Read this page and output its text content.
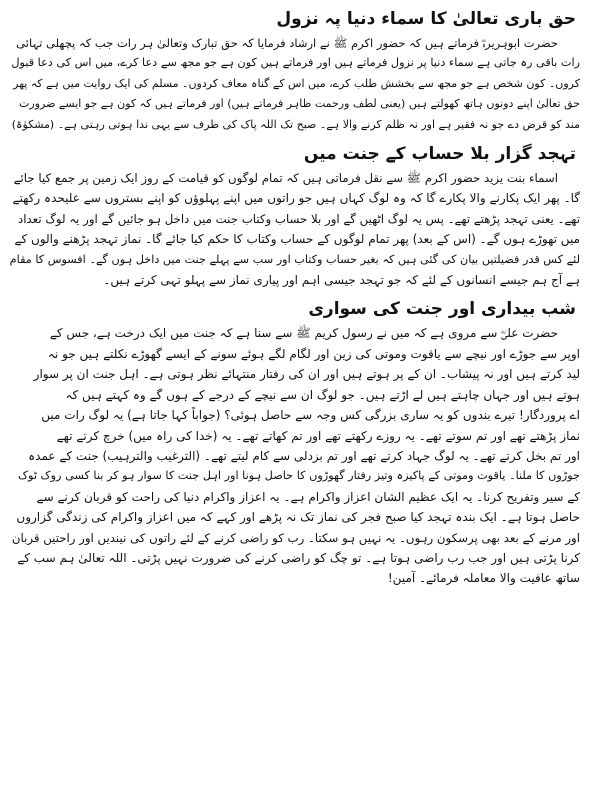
حق باری تعالیٰ کا سماء دنیا پہ نزول

حضرت ابوہریرہؓ فرماتے ہیں کہ حضور اکرم ﷺ نے ارشاد فرمایا کہ حق تبارک وتعالیٰ ہر رات جب کہ پچھلی تہائی

رات باقی رہ جاتی ہے سماء دنیا پر نزول فرماتے ہیں اور فرماتے ہیں کون ہے جو مجھ سے دعا کرے، میں اس کی دعا قبول

کروں۔ کون شخص ہے جو مجھ سے بخشش طلب کرے، میں اس کے گناہ معاف کردوں۔ مسلم کی ایک روایت میں ہے کہ پھر

حق تعالیٰ اپنے دونوں ہاتھ کھولتے ہیں (یعنی لطف ورحمت ظاہر فرماتے ہیں) اور فرماتے ہیں کہ کون ہے جو ایسے ضرورت

مند کو قرض دے جو نہ فقیر ہے اور نہ ظلم کرنے والا ہے۔ صبح تک اللہ پاک کی طرف سے یہی ندا ہوتی رہتی ہے۔ (مشکوٰۃ)

تہجد گزار بلا حساب کے جنت میں

اسماء بنت یزید حضور اکرم ﷺ سے نقل فرماتی ہیں کہ تمام لوگوں کو قیامت کے روز ایک زمین پر جمع کیا جائے

گا۔ پھر ایک پکارنے والا پکارے گا کہ وہ لوگ کہاں ہیں جو راتوں میں اپنے پہلوؤں کو اپنے بستروں سے علیحدہ رکھتے

تھے۔ یعنی تہجد پڑھتے تھے۔ پس یہ لوگ اٹھیں گے اور بلا حساب وکتاب جنت میں داخل ہو جائیں گے اور یہ لوگ تعداد

میں تھوڑے ہوں گے۔ (اس کے بعد) پھر تمام لوگوں کے حساب وکتاب کا حکم کیا جائے گا۔ نماز تہجد پڑھنے والوں کے

لئے کس قدر فضیلتیں بیان کی گئی ہیں کہ بغیر حساب وکتاب اور سب سے پہلے جنت میں داخل ہوں گے۔ افسوس کا مقام

ہے آج ہم جیسے انسانوں کے لئے کہ جو تہجد جیسی اہم اور پیاری نماز سے پہلو تہی کرتے ہیں۔

شب بیداری اور جنت کی سواری

حضرت علیؓ سے مروی ہے کہ میں نے رسول کریم ﷺ سے سنا ہے کہ جنت میں ایک درخت ہے، جس کے

اوپر سے جوڑے اور نیچے سے یاقوت وموتی کی زین اور لگام لگے ہوئے سونے کے ایسے گھوڑے نکلتے ہیں جو نہ

لید کرتے ہیں اور نہ پیشاب۔ ان کے پر ہوتے ہیں اور ان کی رفتار منتہائے نظر ہوتی ہے۔ اہل جنت ان پر سوار

ہوتے ہیں اور جہاں چاہتے ہیں لے اڑتے ہیں۔ جو لوگ ان سے نیچے کے درجے کے ہوں گے وہ کہتے ہیں کہ

اے پروردگار! تیرے بندوں کو یہ ساری بزرگی کس وجہ سے حاصل ہوئی؟ (جواباً کہا جاتا ہے) یہ لوگ رات میں

نماز پڑھتے تھے اور تم سوتے تھے۔ یہ روزے رکھتے تھے اور تم کھاتے تھے۔ یہ (خدا کی راہ میں) خرچ کرتے تھے

اور تم بخل کرتے تھے۔ یہ لوگ جہاد کرتے تھے اور تم بزدلی سے کام لیتے تھے۔ (الترغیب والترہیب) جنت کے عمدہ

جوڑوں کا ملنا۔ یاقوت وموتی کے پاکیزہ وتیز رفتار گھوڑوں کا حاصل ہونا اور اہل جنت کا سوار ہو کر بنا کسی روک ٹوک

کے سیر وتفریح کرنا۔ یہ ایک عظیم الشان اعزاز واکرام ہے۔ یہ اعزاز واکرام دنیا کی راحت کو قربان کرنے سے

حاصل ہوتا ہے۔ ایک بندہ تہجد کیا صبح فجر کی نماز تک نہ پڑھے اور کہے کہ میں اعزاز واکرام کی زندگی گزاروں

اور مرنے کے بعد بھی پرسکون رہوں۔ یہ نہیں ہو سکتا۔ رب کو راضی کرنے کے لئے راتوں کی نیندیں اور راحتیں قربان

کرنا پڑتی ہیں اور جب رب راضی ہوتا ہے۔ تو چگ کو راضی کرنے کی ضرورت نہیں پڑتی۔ اللہ تعالیٰ ہم سب کے

ساتھ عافیت والا معاملہ فرمائے۔ آمین!
